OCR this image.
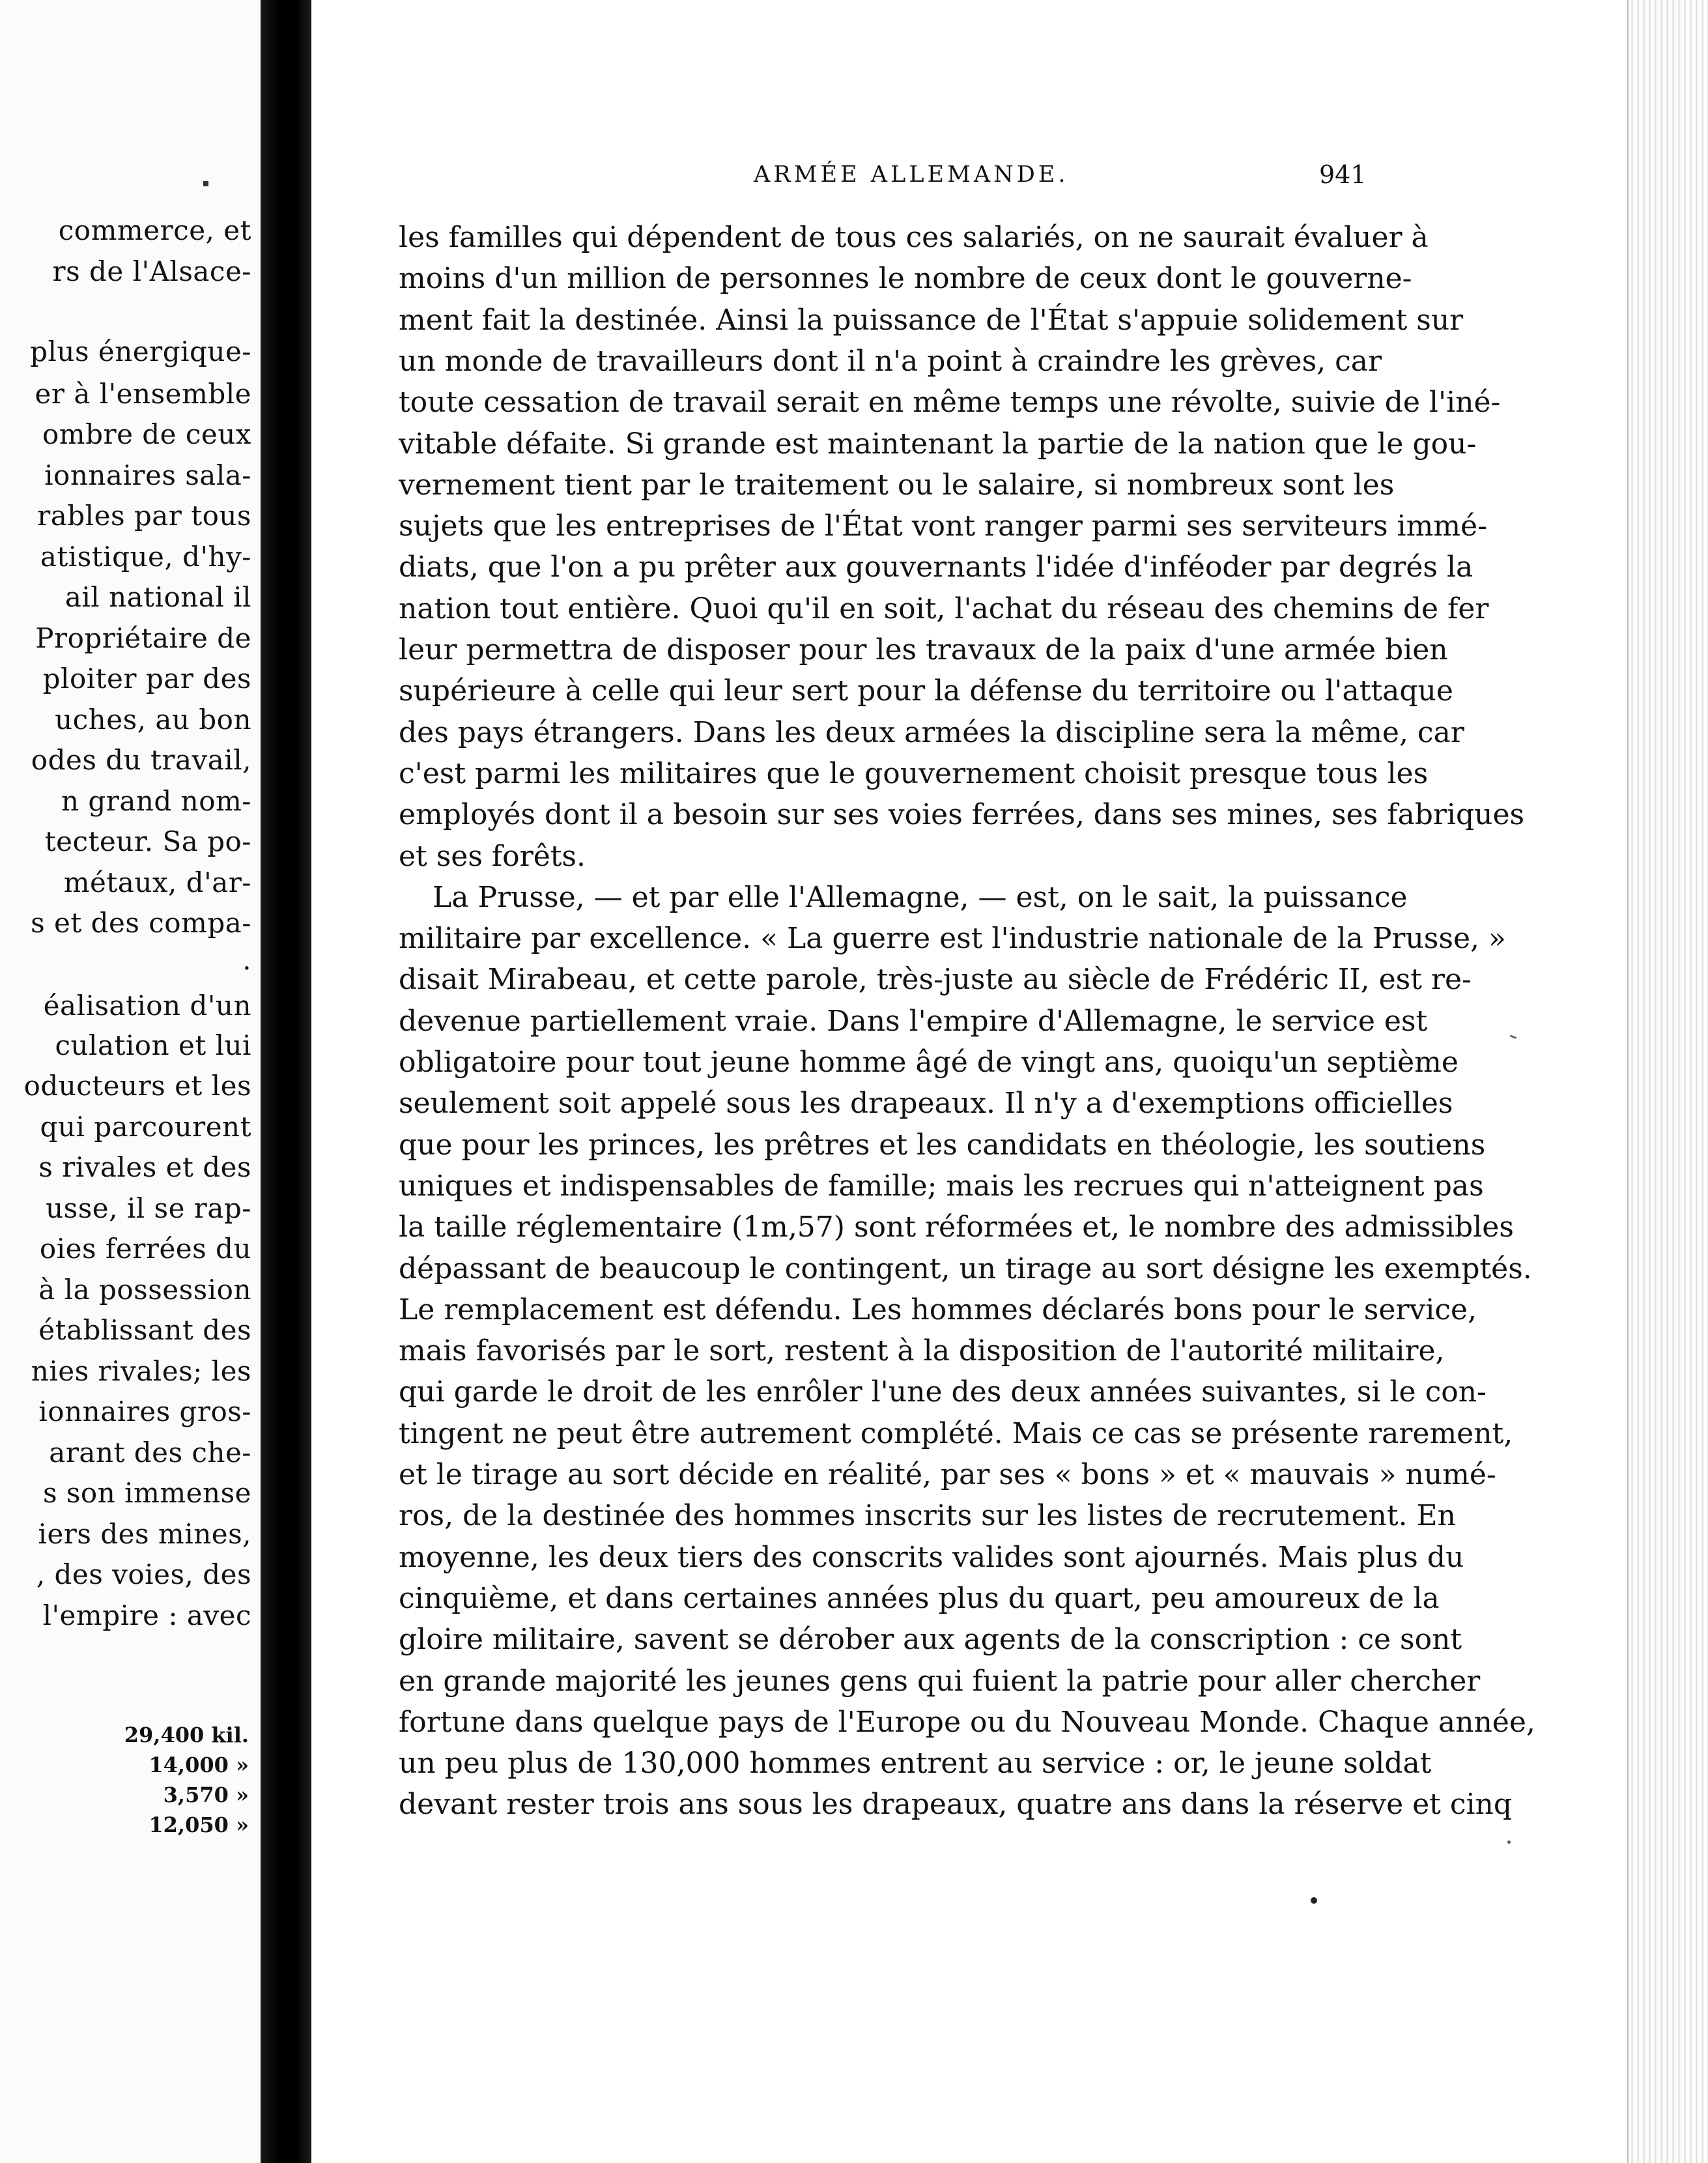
commerce, et
rs de l'Alsace-
plus énergique-
er à l'ensemble
ombre de ceux
ionnaires sala-
rables par tous
atistique, d'hy-
ail national il
Propriétaire de
ploiter par des
uches, au bon
odes du travail,
n grand nom-
tecteur. Sa po-
métaux, d'ar-
s et des compa-
.
éalisation d'un
culation et lui
oducteurs et les
qui parcourent
s rivales et des
usse, il se rap-
oies ferrées du
à la possession
établissant des
nies rivales; les
ionnaires gros-
arant des che-
s son immense
iers des mines,
, des voies, des
l'empire : avec
29,400 kil.
14,000 »
3,570 »
12,050 »
ARMÉE ALLEMANDE.	941
les familles qui dépendent de tous ces salariés, on ne saurait évaluer à
moins d'un million de personnes le nombre de ceux dont le gouverne-
ment fait la destinée. Ainsi la puissance de l'État s'appuie solidement sur
un monde de travailleurs dont il n'a point à craindre les grèves, car
toute cessation de travail serait en même temps une révolte, suivie de l'iné-
vitable défaite. Si grande est maintenant la partie de la nation que le gou-
vernement tient par le traitement ou le salaire, si nombreux sont les
sujets que les entreprises de l'État vont ranger parmi ses serviteurs immé-
diats, que l'on a pu prêter aux gouvernants l'idée d'inféoder par degrés la
nation tout entière. Quoi qu'il en soit, l'achat du réseau des chemins de fer
leur permettra de disposer pour les travaux de la paix d'une armée bien
supérieure à celle qui leur sert pour la défense du territoire ou l'attaque
des pays étrangers. Dans les deux armées la discipline sera la même, car
c'est parmi les militaires que le gouvernement choisit presque tous les
employés dont il a besoin sur ses voies ferrées, dans ses mines, ses fabriques
et ses forêts.
La Prusse, — et par elle l'Allemagne, — est, on le sait, la puissance
militaire par excellence. « La guerre est l'industrie nationale de la Prusse, »
disait Mirabeau, et cette parole, très-juste au siècle de Frédéric II, est re-
devenue partiellement vraie. Dans l'empire d'Allemagne, le service est
obligatoire pour tout jeune homme âgé de vingt ans, quoiqu'un septième
seulement soit appelé sous les drapeaux. Il n'y a d'exemptions officielles
que pour les princes, les prêtres et les candidats en théologie, les soutiens
uniques et indispensables de famille; mais les recrues qui n'atteignent pas
la taille réglementaire (1m,57) sont réformées et, le nombre des admissibles
dépassant de beaucoup le contingent, un tirage au sort désigne les exemptés.
Le remplacement est défendu. Les hommes déclarés bons pour le service,
mais favorisés par le sort, restent à la disposition de l'autorité militaire,
qui garde le droit de les enrôler l'une des deux années suivantes, si le con-
tingent ne peut être autrement complété. Mais ce cas se présente rarement,
et le tirage au sort décide en réalité, par ses « bons » et « mauvais » numé-
ros, de la destinée des hommes inscrits sur les listes de recrutement. En
moyenne, les deux tiers des conscrits valides sont ajournés. Mais plus du
cinquième, et dans certaines années plus du quart, peu amoureux de la
gloire militaire, savent se dérober aux agents de la conscription : ce sont
en grande majorité les jeunes gens qui fuient la patrie pour aller chercher
fortune dans quelque pays de l'Europe ou du Nouveau Monde. Chaque année,
un peu plus de 130,000 hommes entrent au service : or, le jeune soldat
devant rester trois ans sous les drapeaux, quatre ans dans la réserve et cinq
